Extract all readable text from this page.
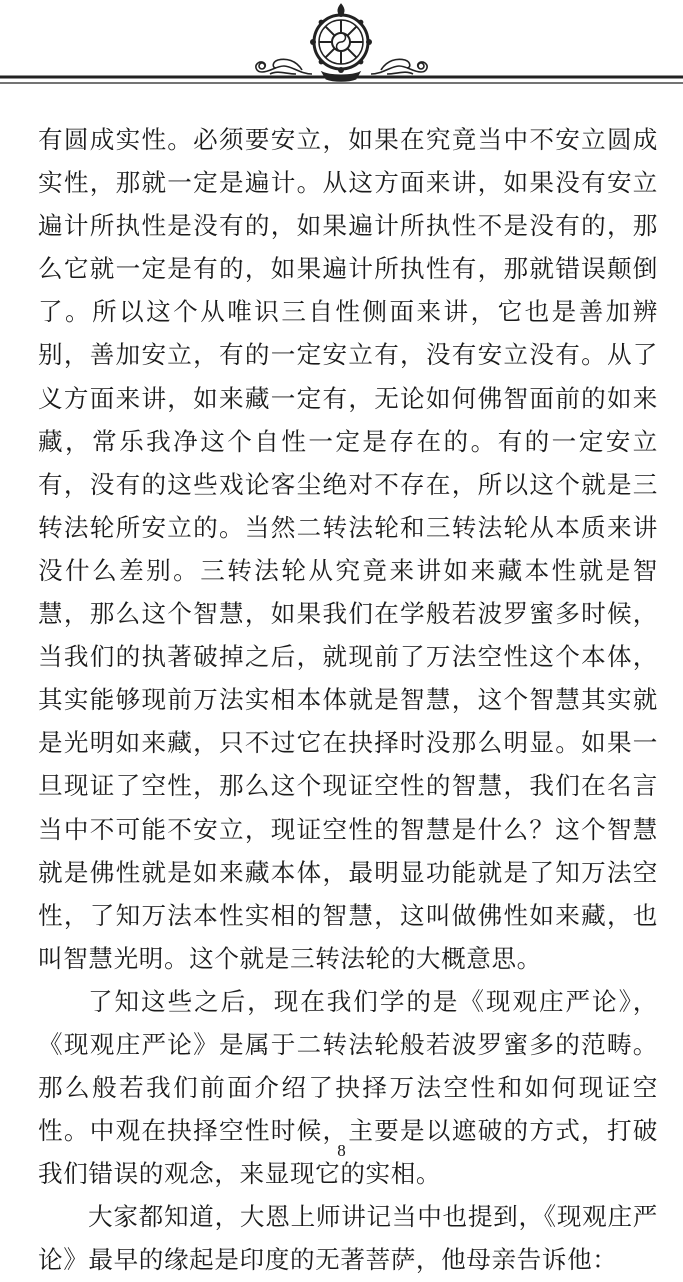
有圆成实性。必须要安立，如果在究竟当中不安立圆成实性，那就一定是遍计。从这方面来讲，如果没有安立遍计所执性是没有的，如果遍计所执性不是没有的，那么它就一定是有的，如果遍计所执性有，那就错误颠倒了。所以这个从唯识三自性侧面来讲，它也是善加辨别，善加安立，有的一定安立有，没有安立没有。从了义方面来讲，如来藏一定有，无论如何佛智面前的如来藏，常乐我净这个自性一定是存在的。有的一定安立有，没有的这些戏论客尘绝对不存在，所以这个就是三转法轮所安立的。当然二转法轮和三转法轮从本质来讲没什么差别。三转法轮从究竟来讲如来藏本性就是智慧，那么这个智慧，如果我们在学般若波罗蜜多时候，当我们的执著破掉之后，就现前了万法空性这个本体，其实能够现前万法实相本体就是智慧，这个智慧其实就是光明如来藏，只不过它在抉择时没那么明显。如果一旦现证了空性，那么这个现证空性的智慧，我们在名言当中不可能不安立，现证空性的智慧是什么？这个智慧就是佛性就是如来藏本体，最明显功能就是了知万法空性，了知万法本性实相的智慧，这叫做佛性如来藏，也叫智慧光明。这个就是三转法轮的大概意思。

了知这些之后，现在我们学的是《现观庄严论》，《现观庄严论》是属于二转法轮般若波罗蜜多的范畴。那么般若我们前面介绍了抉择万法空性和如何现证空性。中观在抉择空性时候，主要是以遮破的方式，打破我们错误的观念，来显现它的实相。

大家都知道，大恩上师讲记当中也提到，《现观庄严论》最早的缘起是印度的无著菩萨，他母亲告诉他：

8
